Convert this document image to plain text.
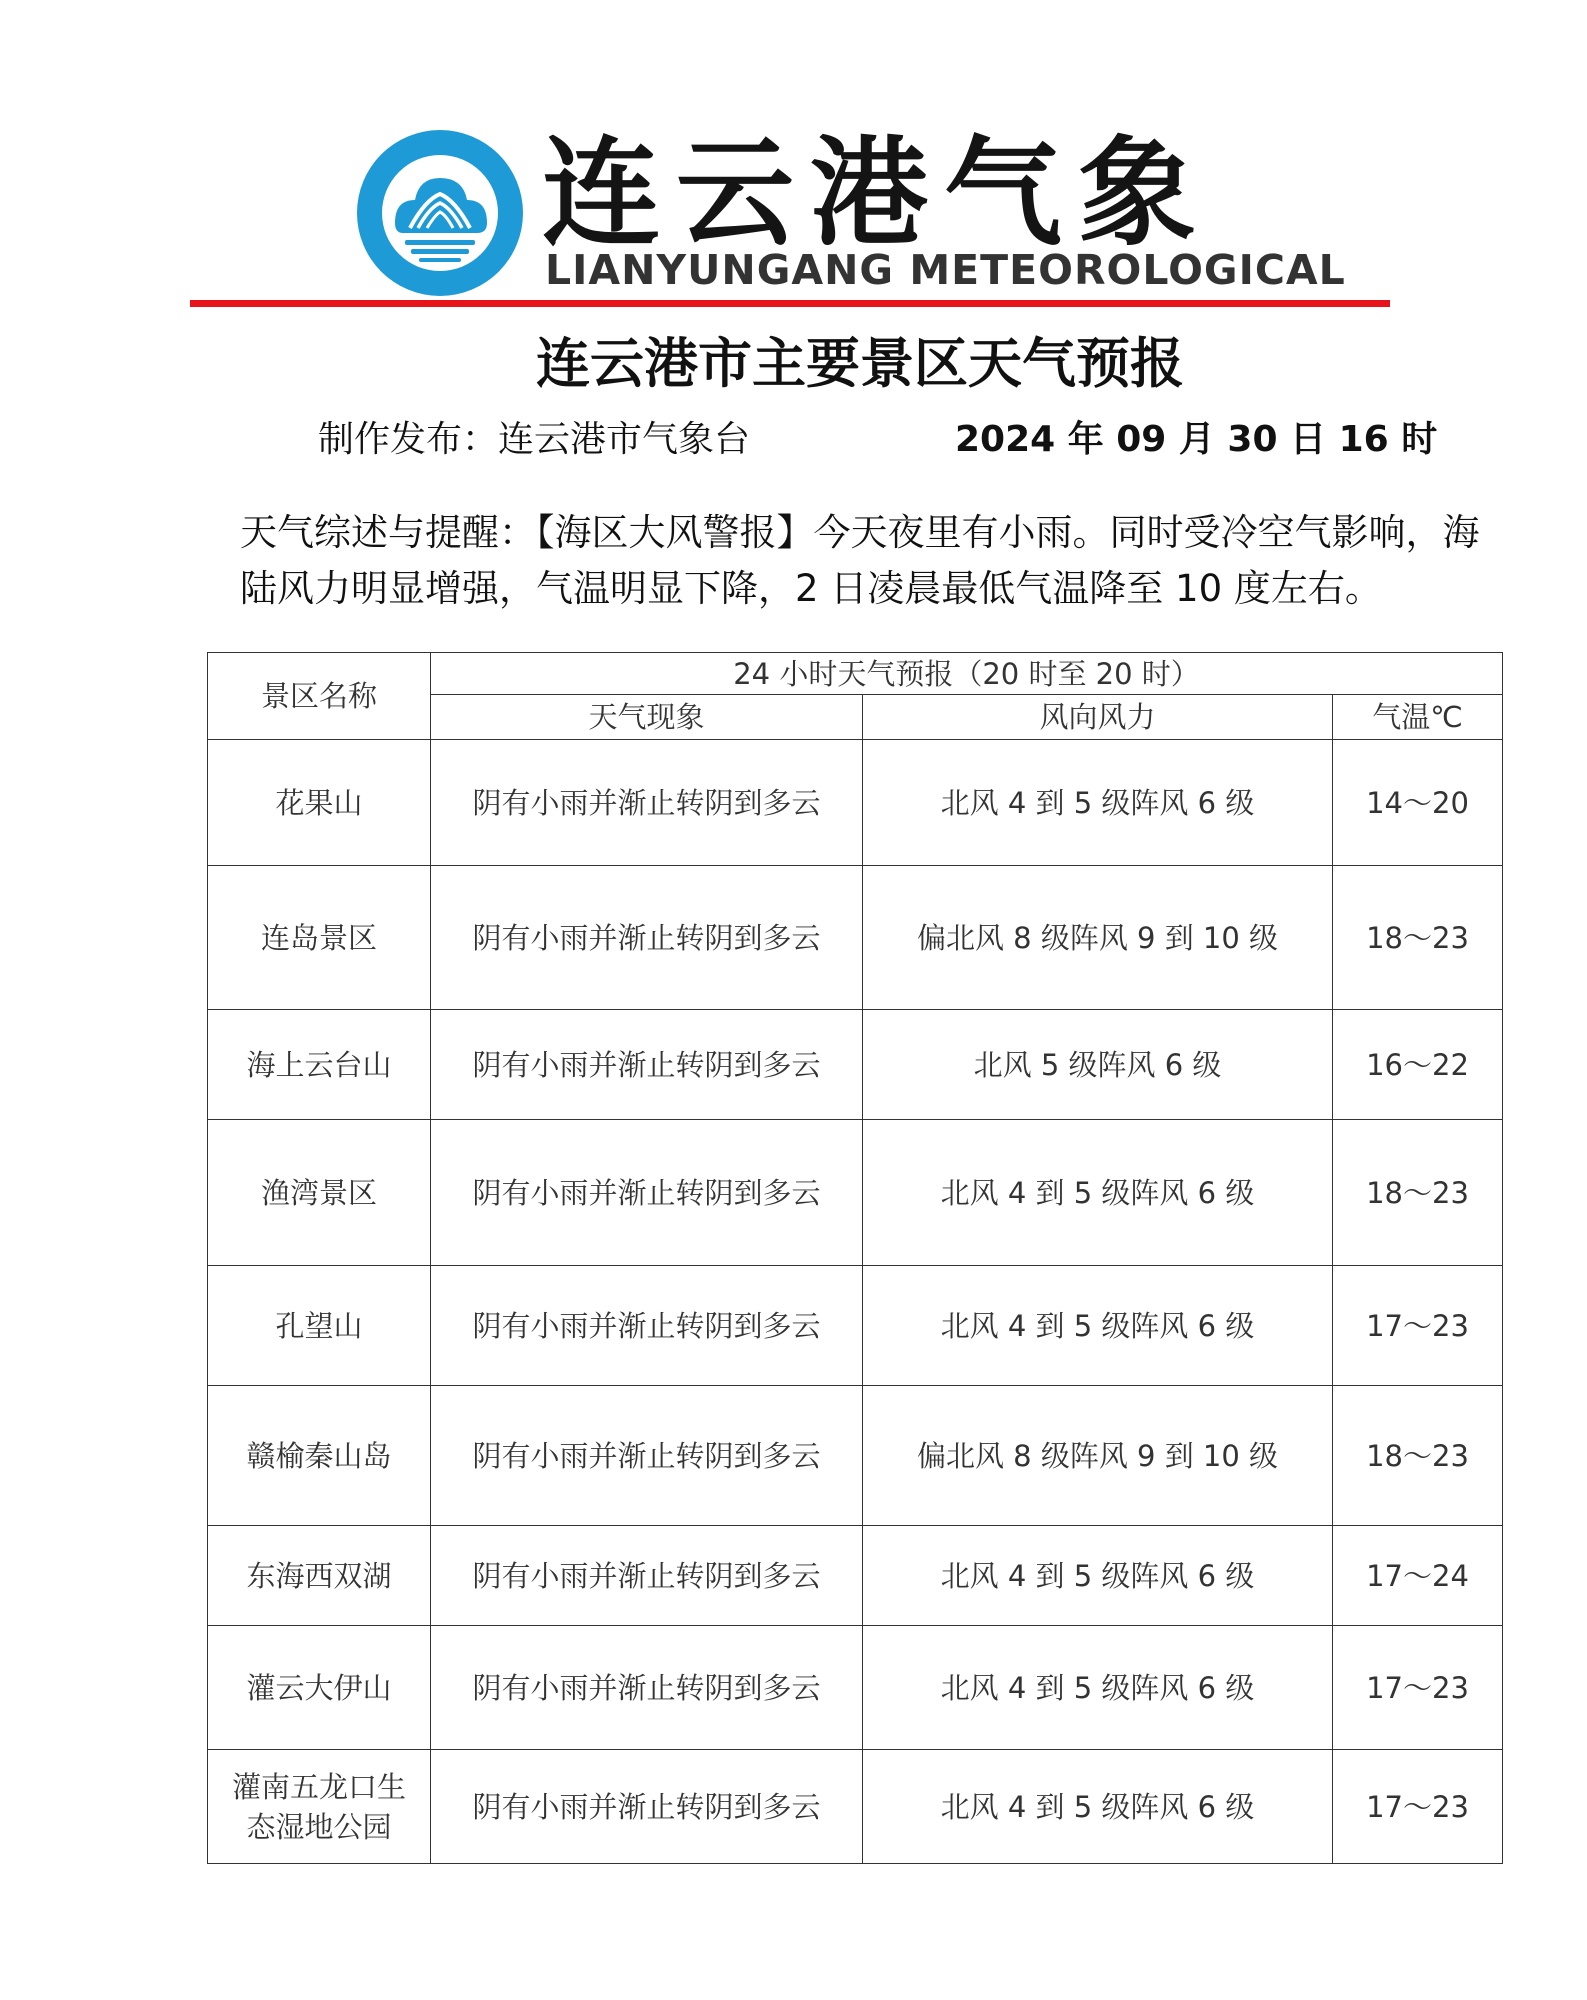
连云港气象
LIANYUNGANG METEOROLOGICAL
连云港市主要景区天气预报
制作发布：连云港市气象台	2024 年 09 月 30 日 16 时
天气综述与提醒：【海区大风警报】今天夜里有小雨。同时受冷空气影响，海陆风力明显增强，气温明显下降，2 日凌晨最低气温降至 10 度左右。
景区名称	24 小时天气预报（20 时至 20 时）		
	天气现象	风向风力	气温℃
花果山	阴有小雨并渐止转阴到多云	北风 4 到 5 级阵风 6 级	14～20
连岛景区	阴有小雨并渐止转阴到多云	偏北风 8 级阵风 9 到 10 级	18～23
海上云台山	阴有小雨并渐止转阴到多云	北风 5 级阵风 6 级	16～22
渔湾景区	阴有小雨并渐止转阴到多云	北风 4 到 5 级阵风 6 级	18～23
孔望山	阴有小雨并渐止转阴到多云	北风 4 到 5 级阵风 6 级	17～23
赣榆秦山岛	阴有小雨并渐止转阴到多云	偏北风 8 级阵风 9 到 10 级	18～23
东海西双湖	阴有小雨并渐止转阴到多云	北风 4 到 5 级阵风 6 级	17～24
灌云大伊山	阴有小雨并渐止转阴到多云	北风 4 到 5 级阵风 6 级	17～23

灌南五龙口生态湿地公园	阴有小雨并渐止转阴到多云	北风 4 到 5 级阵风 6 级	17～23
